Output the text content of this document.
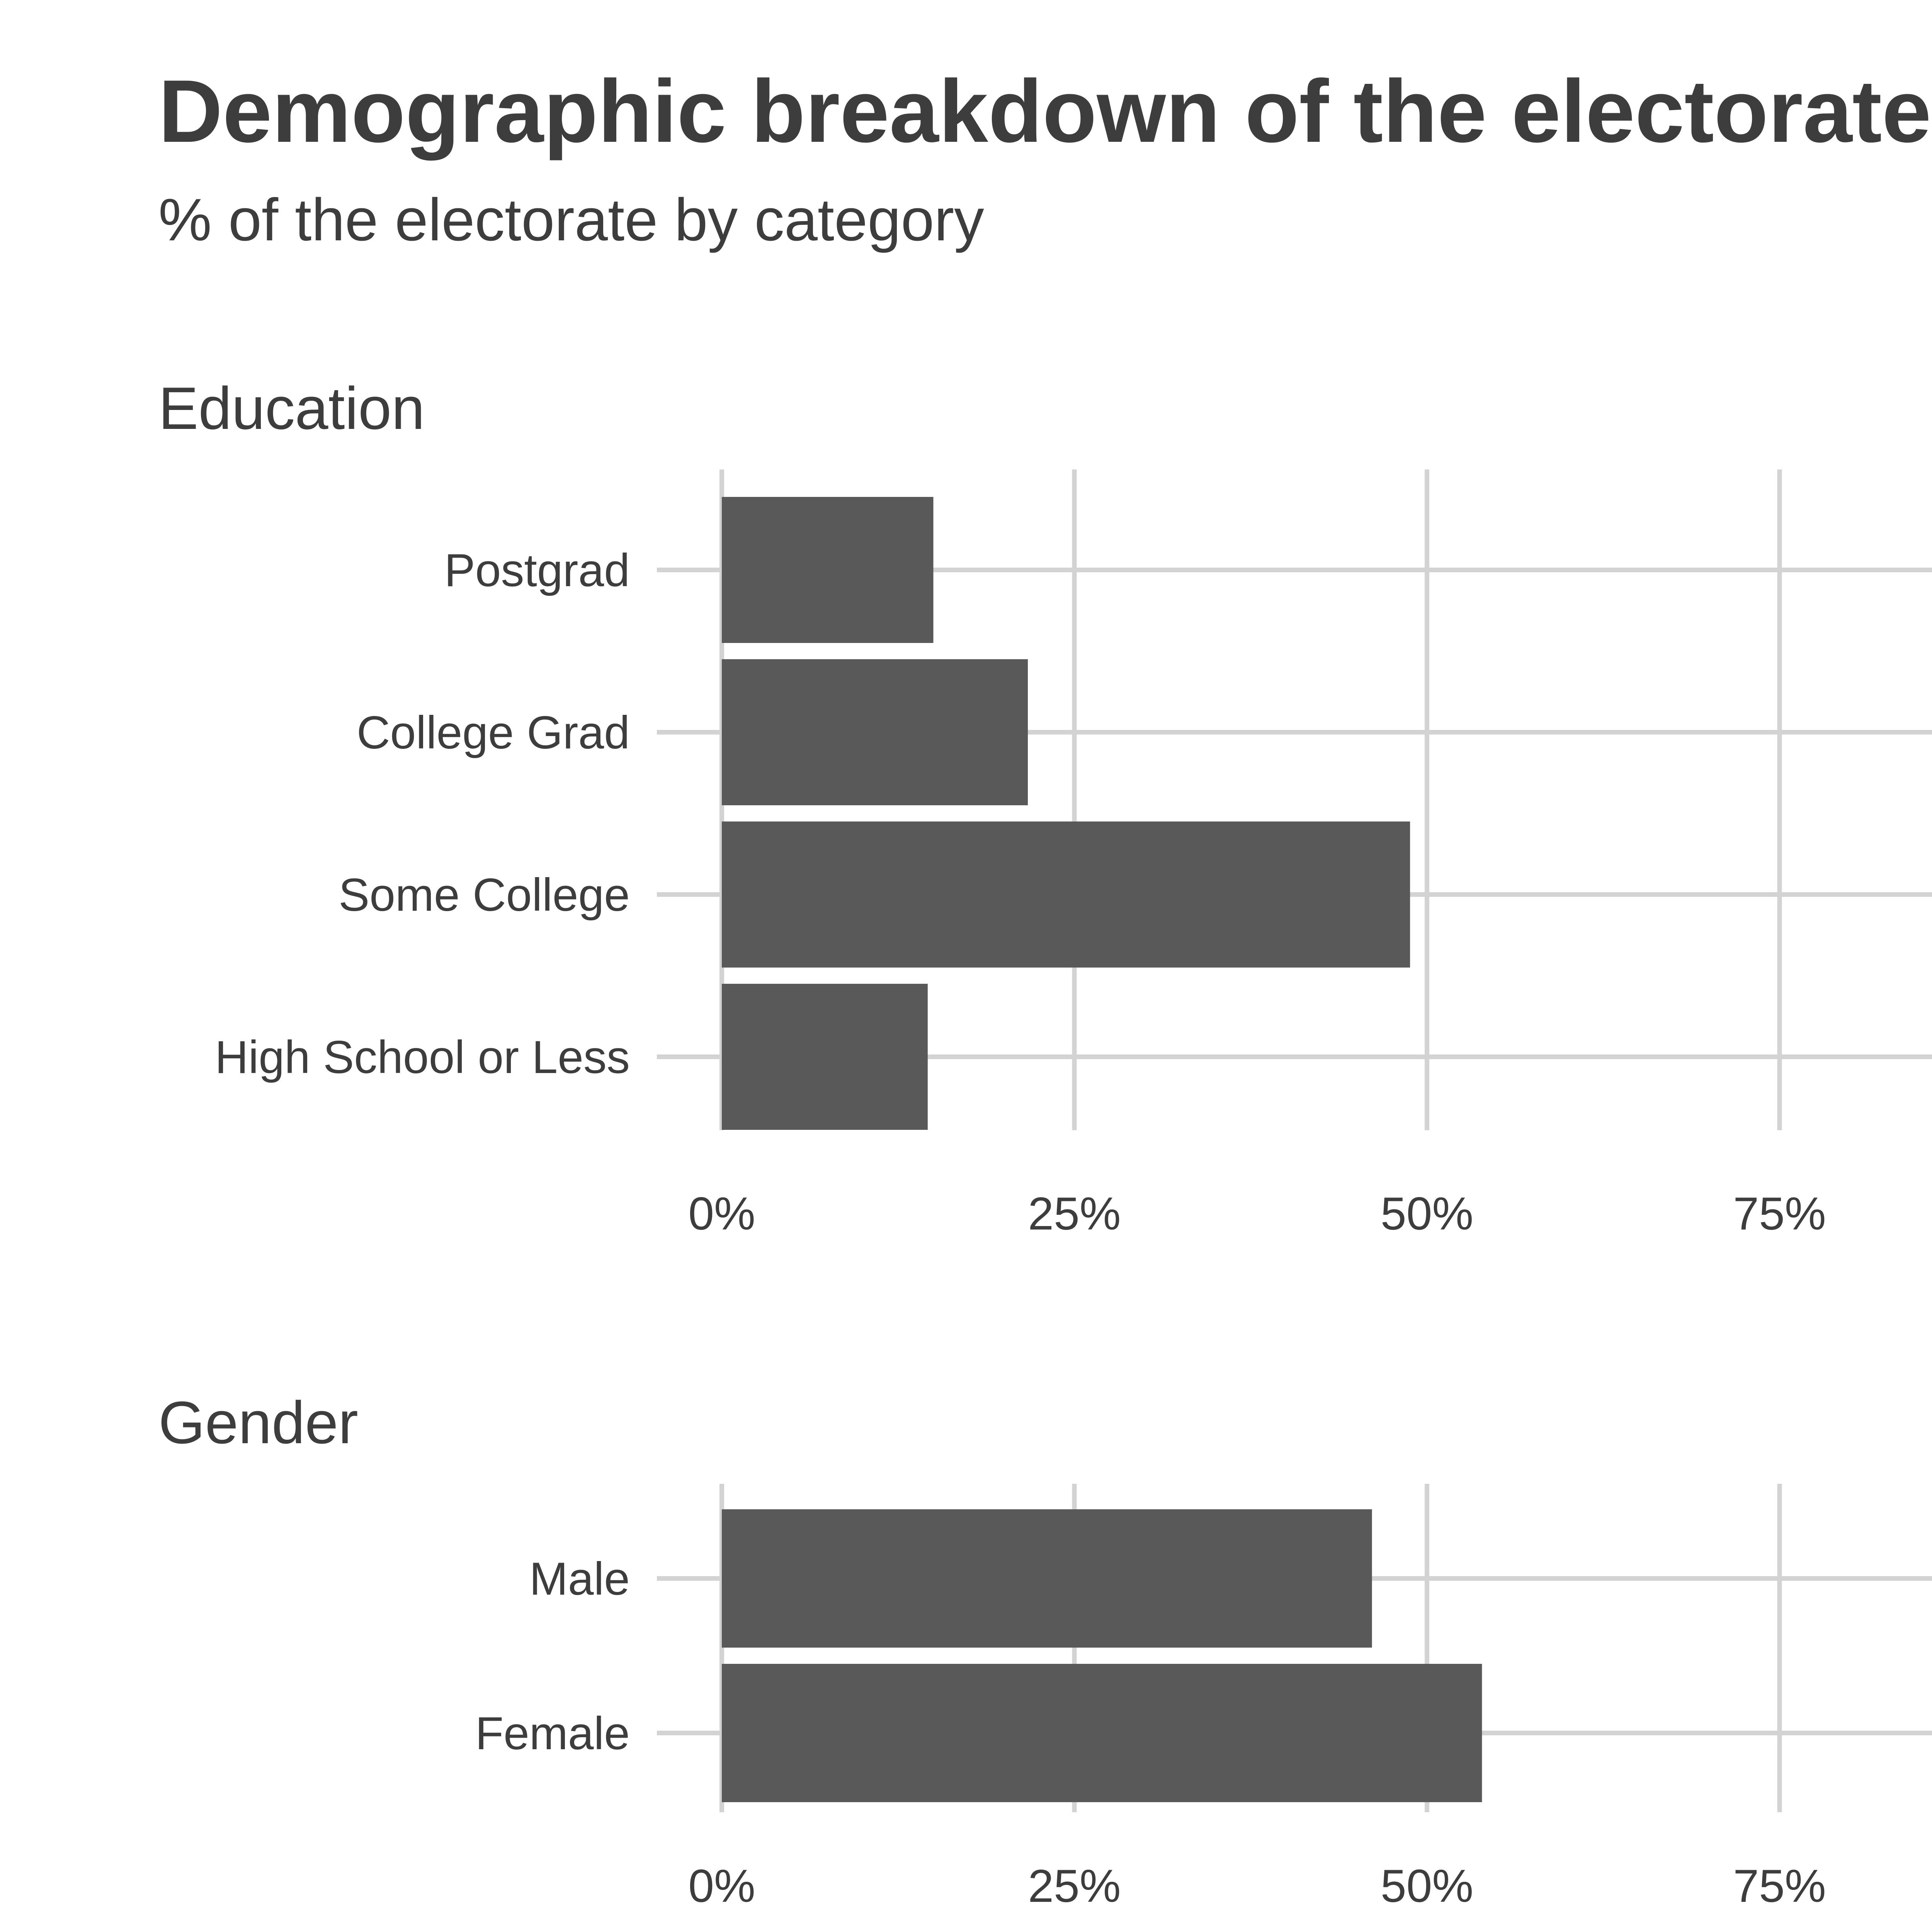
Demographic breakdown of the electorate
% of the electorate by category
Education
Postgrad
College Grad
Some College
High School or Less
0%	25%	50%	75%
Gender
Male
Female
0%	25%	50%	75%
